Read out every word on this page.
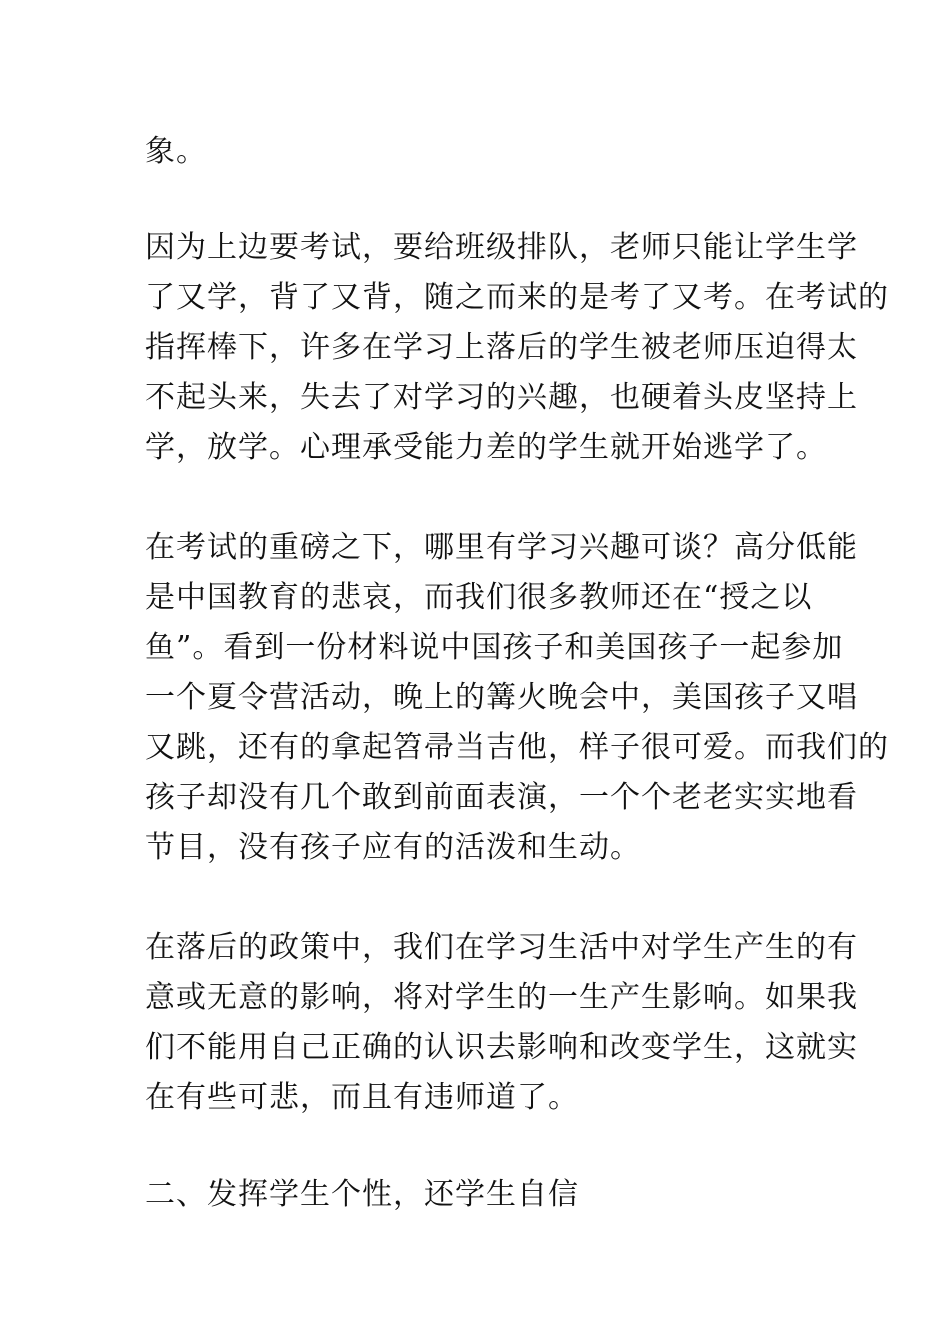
象。
因为上边要考试，要给班级排队，老师只能让学生学
了又学，背了又背，随之而来的是考了又考。在考试的
指挥棒下，许多在学习上落后的学生被老师压迫得太
不起头来，失去了对学习的兴趣，也硬着头皮坚持上
学，放学。心理承受能力差的学生就开始逃学了。
在考试的重磅之下，哪里有学习兴趣可谈？高分低能
是中国教育的悲哀，而我们很多教师还在“授之以
鱼”。看到一份材料说中国孩子和美国孩子一起参加
一个夏令营活动，晚上的篝火晚会中，美国孩子又唱
又跳，还有的拿起笤帚当吉他，样子很可爱。而我们的
孩子却没有几个敢到前面表演，一个个老老实实地看
节目，没有孩子应有的活泼和生动。
在落后的政策中，我们在学习生活中对学生产生的有
意或无意的影响，将对学生的一生产生影响。如果我
们不能用自己正确的认识去影响和改变学生，这就实
在有些可悲，而且有违师道了。
二、发挥学生个性，还学生自信
